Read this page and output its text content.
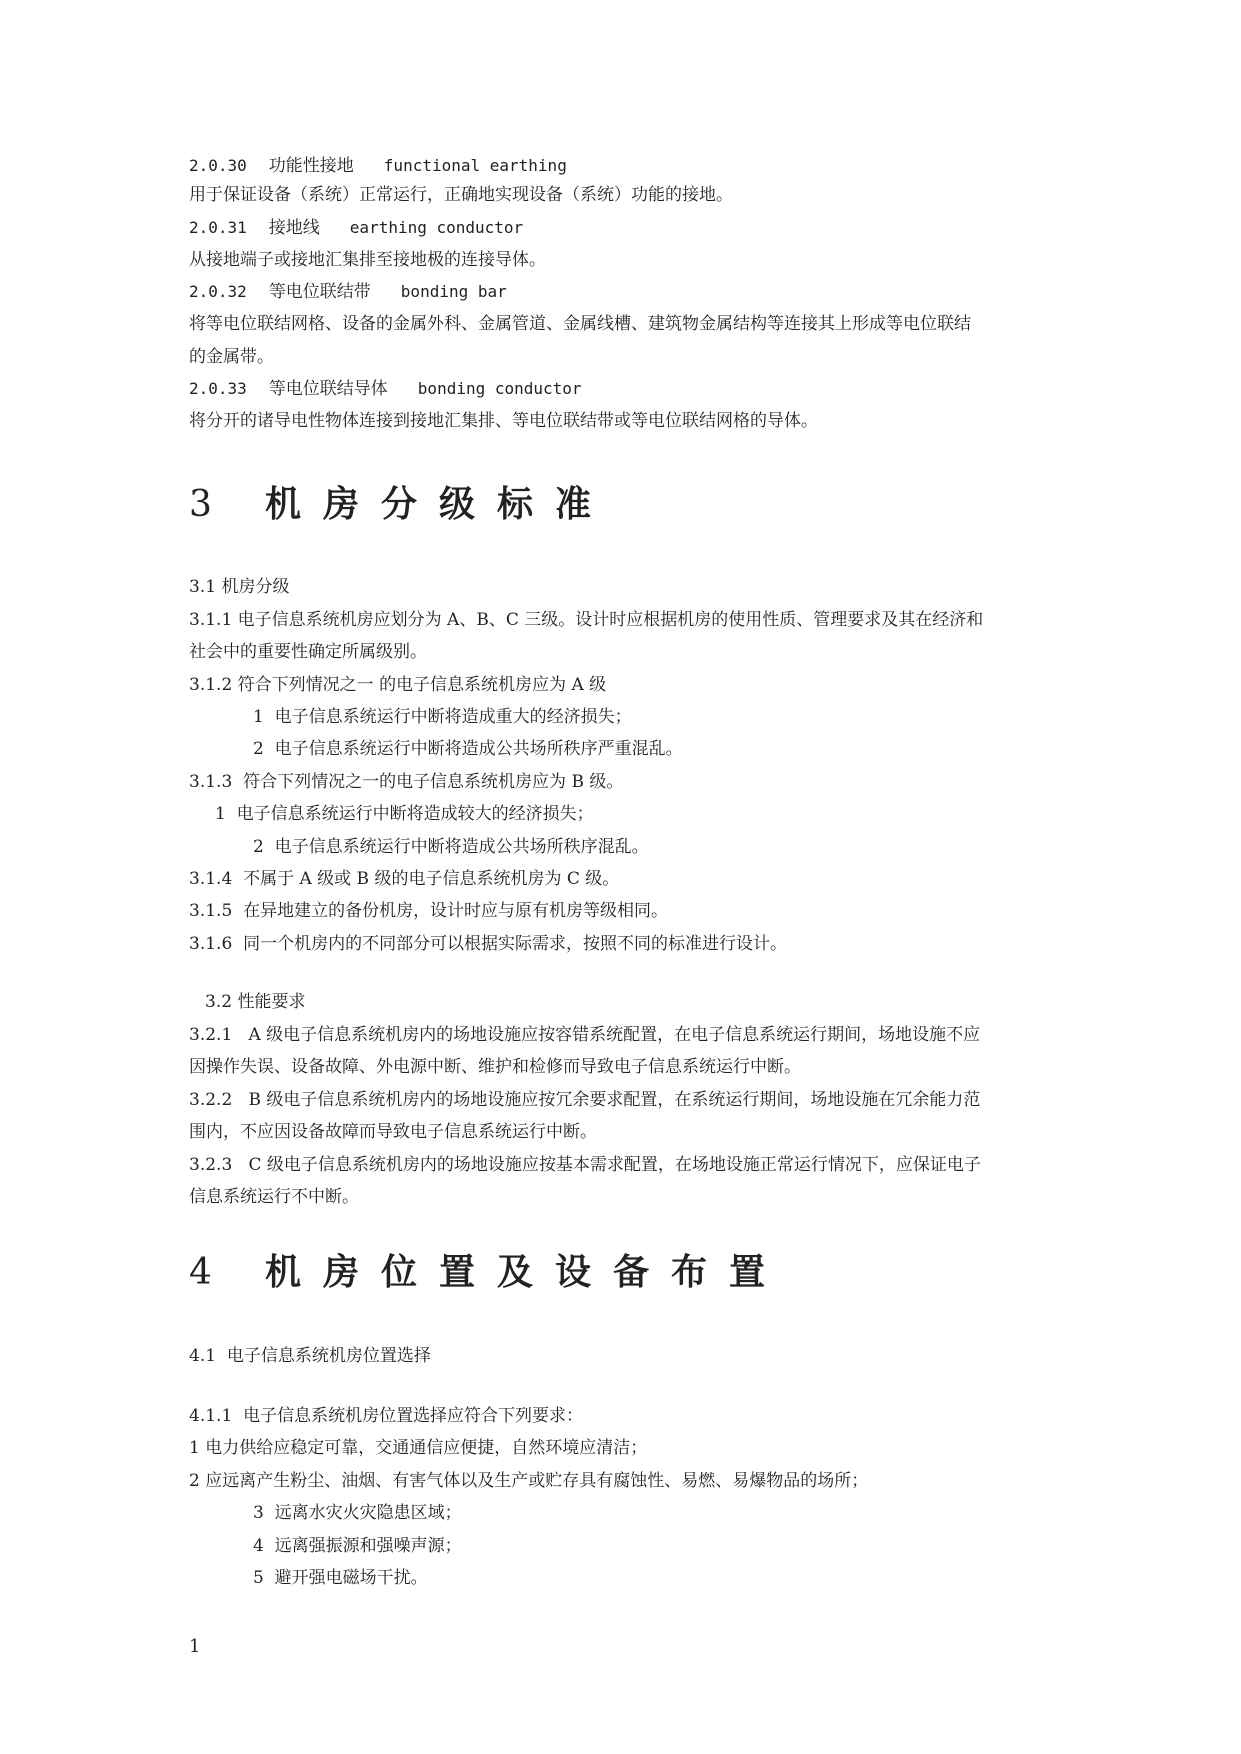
2.0.30 功能性接地 functional earthing
用于保证设备（系统）正常运行，正确地实现设备（系统）功能的接地。
2.0.31 接地线 earthing conductor
从接地端子或接地汇集排至接地极的连接导体。
2.0.32 等电位联结带 bonding bar
将等电位联结网格、设备的金属外科、金属管道、金属线槽、建筑物金属结构等连接其上形成等电位联结
的金属带。
2.0.33 等电位联结导体 bonding conductor
将分开的诸导电性物体连接到接地汇集排、等电位联结带或等电位联结网格的导体。
3 机房分级标准
3.1 机房分级
3.1.1 电子信息系统机房应划分为 A、B、C 三级。设计时应根据机房的使用性质、管理要求及其在经济和
社会中的重要性确定所属级别。
3.1.2 符合下列情况之一 的电子信息系统机房应为 A 级
1  电子信息系统运行中断将造成重大的经济损失；
2  电子信息系统运行中断将造成公共场所秩序严重混乱。
3.1.3  符合下列情况之一的电子信息系统机房应为 B 级。
1  电子信息系统运行中断将造成较大的经济损失；
2  电子信息系统运行中断将造成公共场所秩序混乱。
3.1.4  不属于 A 级或 B 级的电子信息系统机房为 C 级。
3.1.5  在异地建立的备份机房，设计时应与原有机房等级相同。
3.1.6  同一个机房内的不同部分可以根据实际需求，按照不同的标准进行设计。
3.2 性能要求
3.2.1   A 级电子信息系统机房内的场地设施应按容错系统配置，在电子信息系统运行期间，场地设施不应
因操作失误、设备故障、外电源中断、维护和检修而导致电子信息系统运行中断。
3.2.2   B 级电子信息系统机房内的场地设施应按冗余要求配置，在系统运行期间，场地设施在冗余能力范
围内，不应因设备故障而导致电子信息系统运行中断。
3.2.3   C 级电子信息系统机房内的场地设施应按基本需求配置，在场地设施正常运行情况下，应保证电子
信息系统运行不中断。
4 机房位置及设备布置
4.1  电子信息系统机房位置选择
4.1.1  电子信息系统机房位置选择应符合下列要求：
1 电力供给应稳定可靠，交通通信应便捷，自然环境应清洁；
2 应远离产生粉尘、油烟、有害气体以及生产或贮存具有腐蚀性、易燃、易爆物品的场所；
3  远离水灾火灾隐患区域；
4  远离强振源和强噪声源；
5  避开强电磁场干扰。
1
